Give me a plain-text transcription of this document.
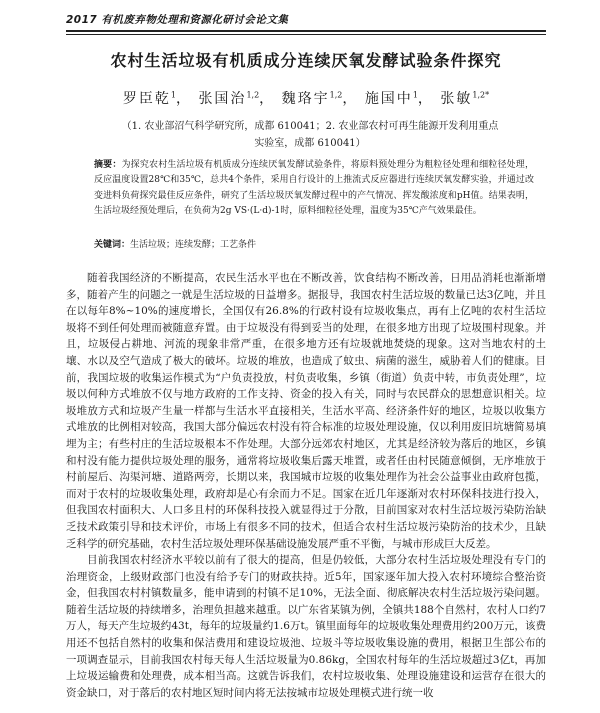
2017 有机废弃物处理和资源化研讨会论文集
农村生活垃圾有机质成分连续厌氧发酵试验条件探究
罗臣乾$^1$， 张国治$^{1,2}$， 魏珞宇$^{1,2}$， 施国中$^1$， 张敏$^{1,2*}$
（1. 农业部沼气科学研究所，成都 610041；2. 农业部农村可再生能源开发利用重点实验室，成都 610041）
摘要：为探究农村生活垃圾有机质成分连续厌氧发酵试验条件，将原料预处理分为粗粒径处理和细粒径处理，反应温度设置28℃和35℃，总共4个条件，采用自行设计的上推流式反应器进行连续厌氧发酵实验，并通过改变进料负荷探究最佳反应条件，研究了生活垃圾厌氧发酵过程中的产气情况、挥发酸浓度和pH值。结果表明，生活垃圾经预处理后，在负荷为2g VS·(L·d)-1时，原料细粒径处理，温度为35℃产气效果最佳。
关键词：生活垃圾；连续发酵；工艺条件

随着我国经济的不断提高，农民生活水平也在不断改善，饮食结构不断改善，日用品消耗也渐渐增多，随着产生的问题之一就是生活垃圾的日益增多。据报导，我国农村生活垃圾的数量已达3亿吨，并且在以每年8%~10%的速度增长，全国仅有26.8%的行政村设有垃圾收集点，再有上亿吨的农村生活垃圾将不到任何处理而被随意弃置。由于垃圾没有得到妥当的处理，在很多地方出现了垃圾围村现象。并且，垃圾侵占耕地、河流的现象非常严重，在很多地方还有垃圾就地焚烧的现象。这对当地农村的土壤、水以及空气造成了极大的破坏。垃圾的堆放，也造成了蚊虫、病菌的滋生，威胁着人们的健康。目前，我国垃圾的收集运作模式为“户负责投放，村负责收集，乡镇（街道）负责中转，市负责处理”，垃圾以何种方式堆放不仅与地方政府的工作支持、资金的投入有关，同时与农民群众的思想意识相关。垃圾堆放方式和垃圾产生量一样都与生活水平直接相关，生活水平高、经济条件好的地区，垃圾以收集方式堆放的比例相对较高，我国大部分偏远农村没有符合标准的垃圾处理设施，仅以利用废旧坑塘简易填埋为主；有些村庄的生活垃圾根本不作处理。大部分远郊农村地区，尤其是经济较为落后的地区，乡镇和村没有能力提供垃圾处理的服务，通常将垃圾收集后露天堆置，或者任由村民随意倾倒，无序堆放于村前屋后、沟渠河塘、道路两旁，长期以来，我国城市垃圾的收集处理作为社会公益事业由政府包揽，而对于农村的垃圾收集处理，政府却是心有余而力不足。国家在近几年逐渐对农村环保科技进行投入，但我国农村面积大、人口多且村的环保科技投入就显得过于分散，目前国家对农村生活垃圾污染防治缺乏技术政策引导和技术评价，市场上有很多不同的技术，但适合农村生活垃圾污染防治的技术少，且缺乏科学的研究基础，农村生活垃圾处理环保基础设施发展严重不平衡，与城市形成巨大反差。

目前我国农村经济水平较以前有了很大的提高，但是仍较低，大部分农村生活垃圾处理没有专门的治理资金，上级财政部门也没有给予专门的财政扶持。近5年，国家逐年加大投入农村环境综合整治资金，但我国农村村镇数量多，能申请到的村镇不足10%，无法全面、彻底解决农村生活垃圾污染问题。随着生活垃圾的持续增多，治理负担越来越重。以广东省某镇为例，全镇共188个自然村，农村人口约7万人，每天产生垃圾约43t，每年的垃圾量约1.6万t。镇里面每年的垃圾收集处理费用约200万元，该费用还不包括自然村的收集和保洁费用和建设垃圾池、垃圾斗等垃圾收集设施的费用，根据卫生部公布的一项调查显示，目前我国农村每天每人生活垃圾量为0.86kg，全国农村每年的生活垃圾超过3亿t，再加上垃圾运输费和处理费，成本相当高。这就告诉我们，农村垃圾收集、处理设施建设和运营存在很大的资金缺口，对于落后的农村地区短时间内将无法按城市垃圾处理模式进行统一收
